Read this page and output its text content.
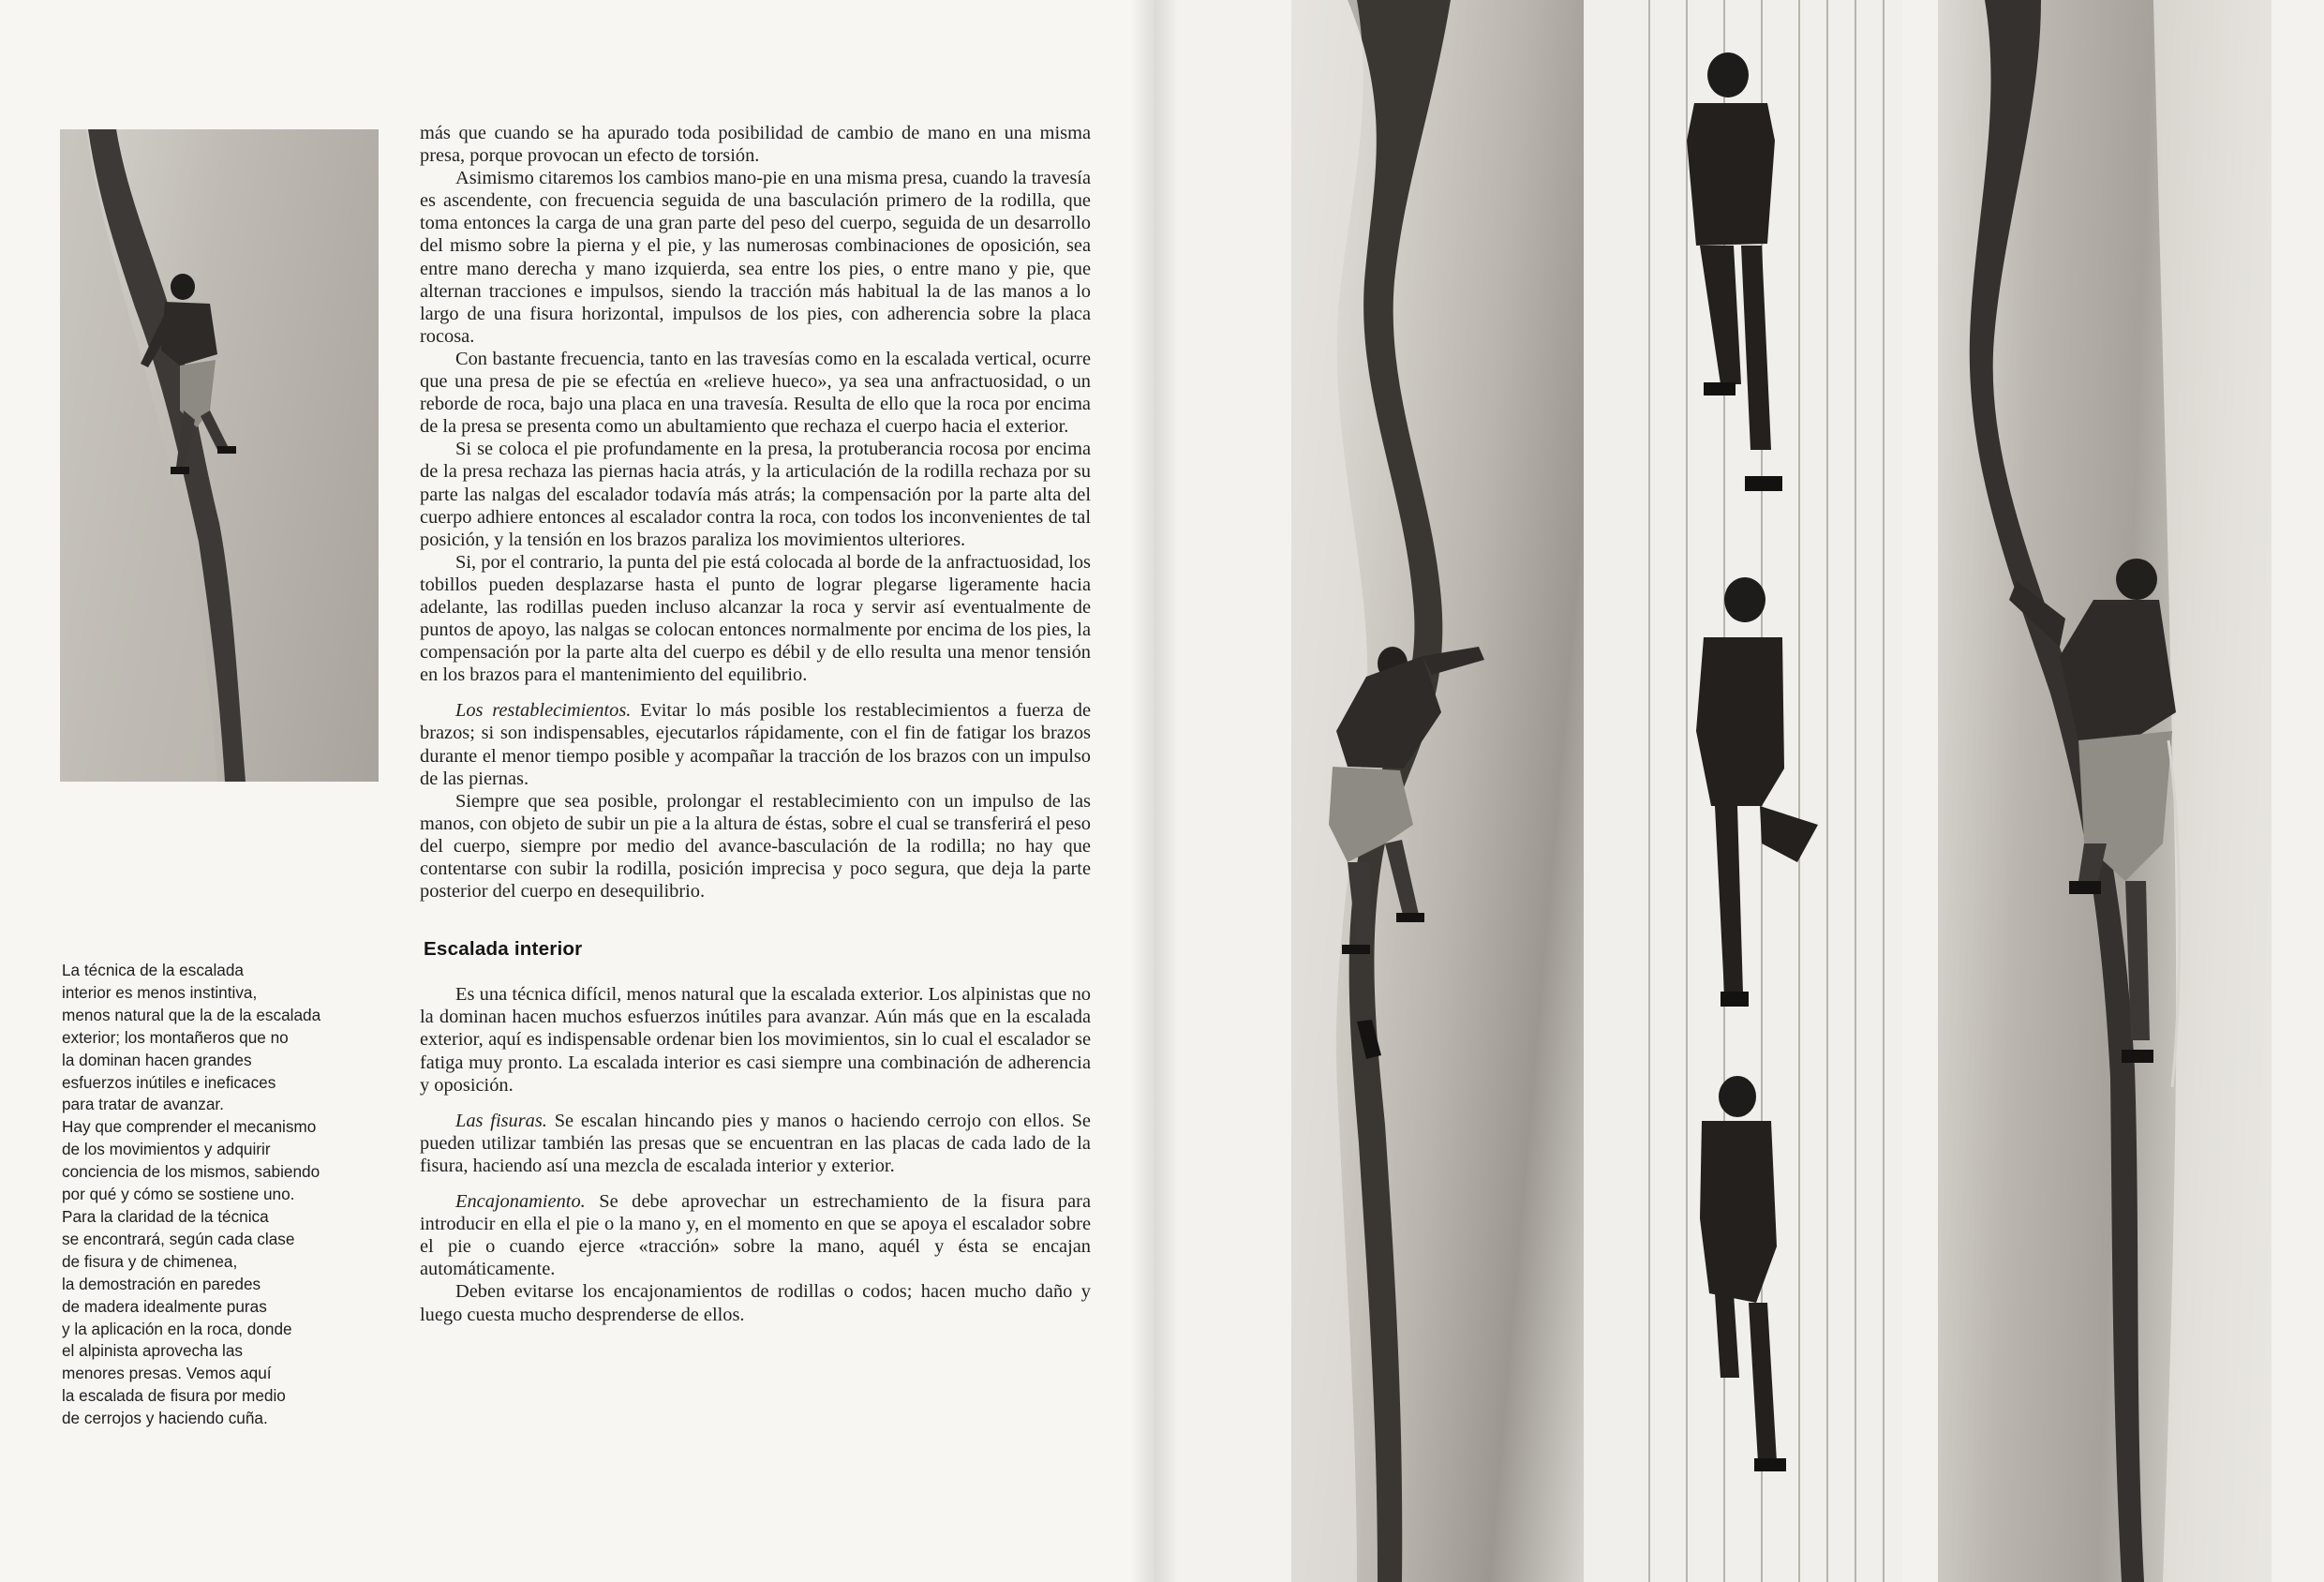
La técnica de la escalada
interior es menos instintiva,
menos natural que la de la escalada
exterior; los montañeros que no
la dominan hacen grandes
esfuerzos inútiles e ineficaces
para tratar de avanzar.
Hay que comprender el mecanismo
de los movimientos y adquirir
conciencia de los mismos, sabiendo
por qué y cómo se sostiene uno.
Para la claridad de la técnica
se encontrará, según cada clase
de fisura y de chimenea,
la demostración en paredes
de madera idealmente puras
y la aplicación en la roca, donde
el alpinista aprovecha las
menores presas. Vemos aquí
la escalada de fisura por medio
de cerrojos y haciendo cuña.

más que cuando se ha apurado toda posibilidad de cambio de mano en una misma presa, porque provocan un efecto de torsión.

Asimismo citaremos los cambios mano-pie en una misma presa, cuando la travesía es ascendente, con frecuencia seguida de una basculación primero de la rodilla, que toma entonces la carga de una gran parte del peso del cuerpo, seguida de un desarrollo del mismo sobre la pierna y el pie, y las numerosas combinaciones de oposición, sea entre mano derecha y mano izquierda, sea entre los pies, o entre mano y pie, que alternan tracciones e impulsos, siendo la tracción más habitual la de las manos a lo largo de una fisura horizontal, impulsos de los pies, con adherencia sobre la placa rocosa.

Con bastante frecuencia, tanto en las travesías como en la escalada vertical, ocurre que una presa de pie se efectúa en «relieve hueco», ya sea una anfractuosidad, o un reborde de roca, bajo una placa en una travesía. Resulta de ello que la roca por encima de la presa se presenta como un abultamiento que rechaza el cuerpo hacia el exterior.

Si se coloca el pie profundamente en la presa, la protuberancia rocosa por encima de la presa rechaza las piernas hacia atrás, y la articulación de la rodilla rechaza por su parte las nalgas del escalador todavía más atrás; la compensación por la parte alta del cuerpo adhiere entonces al escalador contra la roca, con todos los inconvenientes de tal posición, y la tensión en los brazos paraliza los movimientos ulteriores.

Si, por el contrario, la punta del pie está colocada al borde de la anfractuosidad, los tobillos pueden desplazarse hasta el punto de lograr plegarse ligeramente hacia adelante, las rodillas pueden incluso alcanzar la roca y servir así eventualmente de puntos de apoyo, las nalgas se colocan entonces normalmente por encima de los pies, la compensación por la parte alta del cuerpo es débil y de ello resulta una menor tensión en los brazos para el mantenimiento del equilibrio.

Los restablecimientos. Evitar lo más posible los restablecimientos a fuerza de brazos; si son indispensables, ejecutarlos rápidamente, con el fin de fatigar los brazos durante el menor tiempo posible y acompañar la tracción de los brazos con un impulso de las piernas.

Siempre que sea posible, prolongar el restablecimiento con un impulso de las manos, con objeto de subir un pie a la altura de éstas, sobre el cual se transferirá el peso del cuerpo, siempre por medio del avance-basculación de la rodilla; no hay que contentarse con subir la rodilla, posición imprecisa y poco segura, que deja la parte posterior del cuerpo en desequilibrio.

Escalada interior

Es una técnica difícil, menos natural que la escalada exterior. Los alpinistas que no la dominan hacen muchos esfuerzos inútiles para avanzar. Aún más que en la escalada exterior, aquí es indispensable ordenar bien los movimientos, sin lo cual el escalador se fatiga muy pronto. La escalada interior es casi siempre una combinación de adherencia y oposición.

Las fisuras. Se escalan hincando pies y manos o haciendo cerrojo con ellos. Se pueden utilizar también las presas que se encuentran en las placas de cada lado de la fisura, haciendo así una mezcla de escalada interior y exterior.

Encajonamiento. Se debe aprovechar un estrechamiento de la fisura para introducir en ella el pie o la mano y, en el momento en que se apoya el escalador sobre el pie o cuando ejerce «tracción» sobre la mano, aquél y ésta se encajan automáticamente.

Deben evitarse los encajonamientos de rodillas o codos; hacen mucho daño y luego cuesta mucho desprenderse de ellos.
